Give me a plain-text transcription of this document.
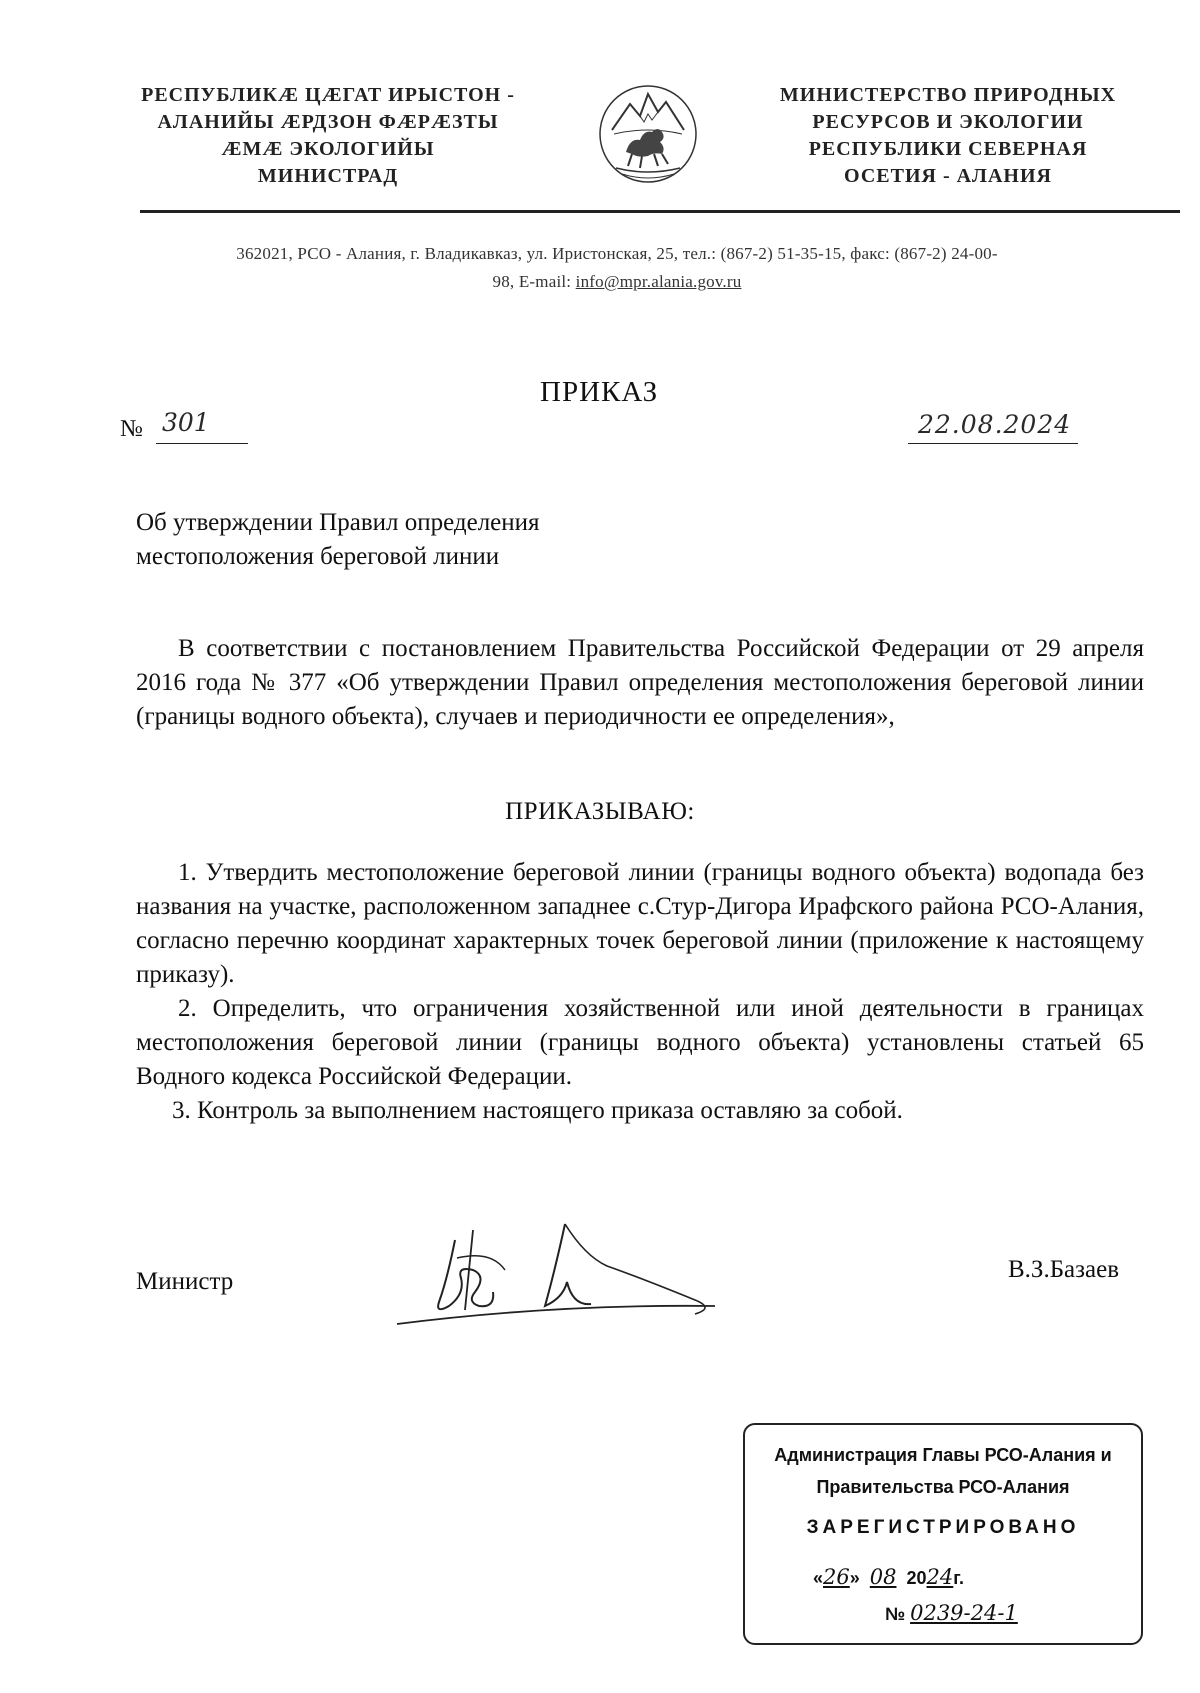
РЕСПУБЛИКÆ ЦÆГАТ ИРЫСТОН -
АЛАНИЙЫ ÆРДЗОН ФÆРÆЗТЫ
ÆМÆ ЭКОЛОГИЙЫ
МИНИСТРАД
МИНИСТЕРСТВО ПРИРОДНЫХ
РЕСУРСОВ И ЭКОЛОГИИ
РЕСПУБЛИКИ СЕВЕРНАЯ
ОСЕТИЯ - АЛАНИЯ
362021, РСО - Алания, г. Владикавказ, ул. Иристонская, 25, тел.: (867-2) 51-35-15, факс: (867-2) 24-00-
98, E-mail: info@mpr.alania.gov.ru
ПРИКАЗ
№ 301	22.08.2024
Об утверждении Правил определения
местоположения береговой линии
В соответствии с постановлением Правительства Российской Федерации от 29 апреля 2016 года № 377 «Об утверждении Правил определения местоположения береговой линии (границы водного объекта), случаев и периодичности ее определения»,
ПРИКАЗЫВАЮ:

1. Утвердить местоположение береговой линии (границы водного объекта) водопада без названия на участке, расположенном западнее с.Стур-Дигора Ирафского района РСО-Алания, согласно перечню координат характерных точек береговой линии (приложение к настоящему приказу).

2. Определить, что ограничения хозяйственной или иной деятельности в границах местоположения береговой линии (границы водного объекта) установлены статьей 65 Водного кодекса Российской Федерации.

3. Контроль за выполнением настоящего приказа оставляю за собой.

Министр	В.З.Базаев
Администрация Главы РСО-Алания и
Правительства РСО-Алания
ЗАРЕГИСТРИРОВАНО
«26»  08 2024г.
№ 0239-24-1
